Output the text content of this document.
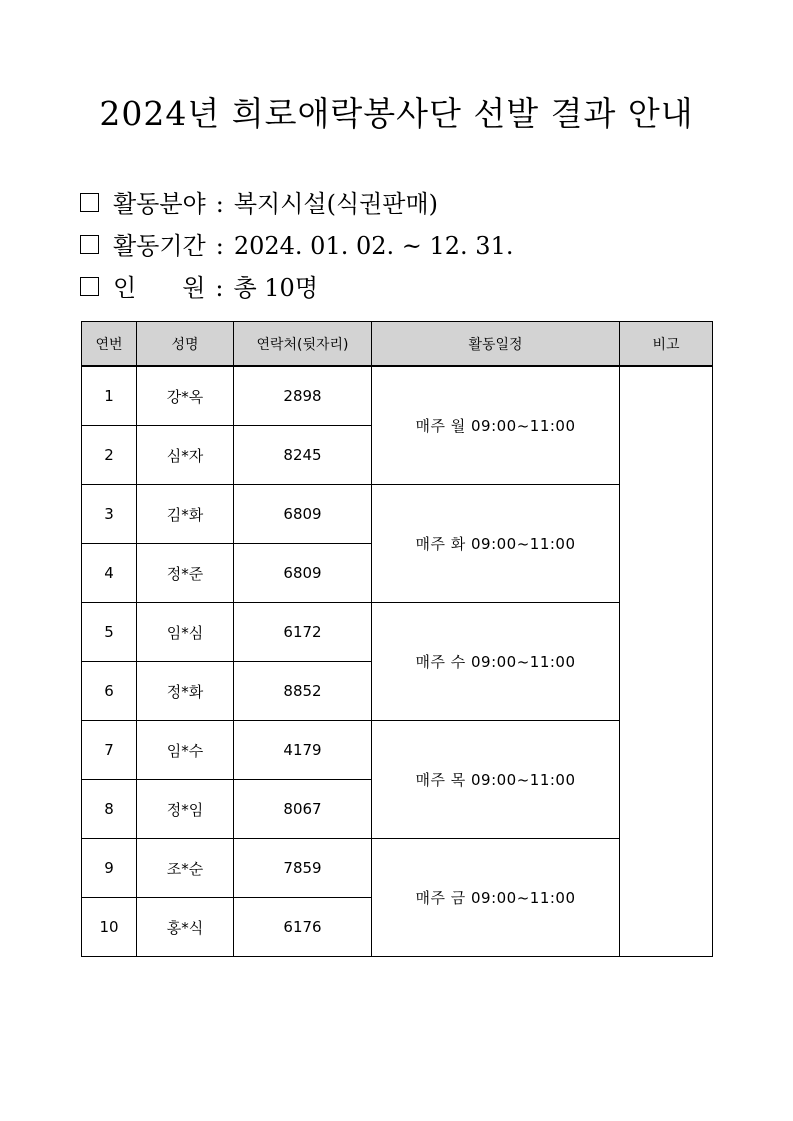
2024년 희로애락봉사단 선발 결과 안내
활동분야 : 복지시설(식권판매)
활동기간 : 2024. 01. 02. ~ 12. 31.
인 원 : 총 10명
연번	성명	연락처(뒷자리)	활동일정	비고
1	강*옥	2898	매주 월 09:00~11:00	
2	심*자	8245		
3	김*화	6809	매주 화 09:00~11:00	
4	정*준	6809		
5	임*심	6172	매주 수 09:00~11:00	
6	정*화	8852		
7	임*수	4179	매주 목 09:00~11:00	
8	정*임	8067		
9	조*순	7859	매주 금 09:00~11:00	
10	홍*식	6176		
